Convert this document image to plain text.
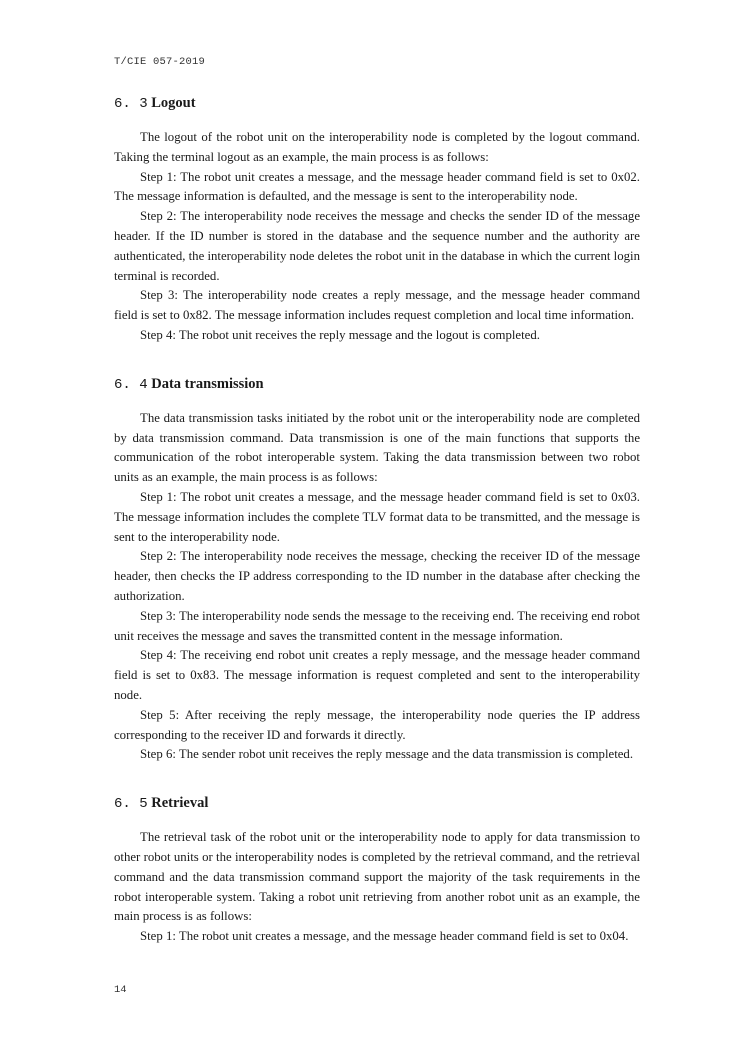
T/CIE 057-2019
6. 3 Logout

The logout of the robot unit on the interoperability node is completed by the logout command. Taking the terminal logout as an example, the main process is as follows:

Step 1: The robot unit creates a message, and the message header command field is set to 0x02. The message information is defaulted, and the message is sent to the interoperability node.

Step 2: The interoperability node receives the message and checks the sender ID of the message header. If the ID number is stored in the database and the sequence number and the authority are authenticated, the interoperability node deletes the robot unit in the database in which the current login terminal is recorded.

Step 3: The interoperability node creates a reply message, and the message header command field is set to 0x82. The message information includes request completion and local time information.

Step 4: The robot unit receives the reply message and the logout is completed.

6. 4 Data transmission

The data transmission tasks initiated by the robot unit or the interoperability node are completed by data transmission command. Data transmission is one of the main functions that supports the communication of the robot interoperable system. Taking the data transmission between two robot units as an example, the main process is as follows:

Step 1: The robot unit creates a message, and the message header command field is set to 0x03. The message information includes the complete TLV format data to be transmitted, and the message is sent to the interoperability node.

Step 2: The interoperability node receives the message, checking the receiver ID of the message header, then checks the IP address corresponding to the ID number in the database after checking the authorization.

Step 3: The interoperability node sends the message to the receiving end. The receiving end robot unit receives the message and saves the transmitted content in the message information.

Step 4: The receiving end robot unit creates a reply message, and the message header command field is set to 0x83. The message information is request completed and sent to the interoperability node.

Step 5: After receiving the reply message, the interoperability node queries the IP address corresponding to the receiver ID and forwards it directly.

Step 6: The sender robot unit receives the reply message and the data transmission is completed.

6. 5 Retrieval

The retrieval task of the robot unit or the interoperability node to apply for data transmission to other robot units or the interoperability nodes is completed by the retrieval command, and the retrieval command and the data transmission command support the majority of the task requirements in the robot interoperable system. Taking a robot unit retrieving from another robot unit as an example, the main process is as follows:

Step 1: The robot unit creates a message, and the message header command field is set to 0x04.

14
